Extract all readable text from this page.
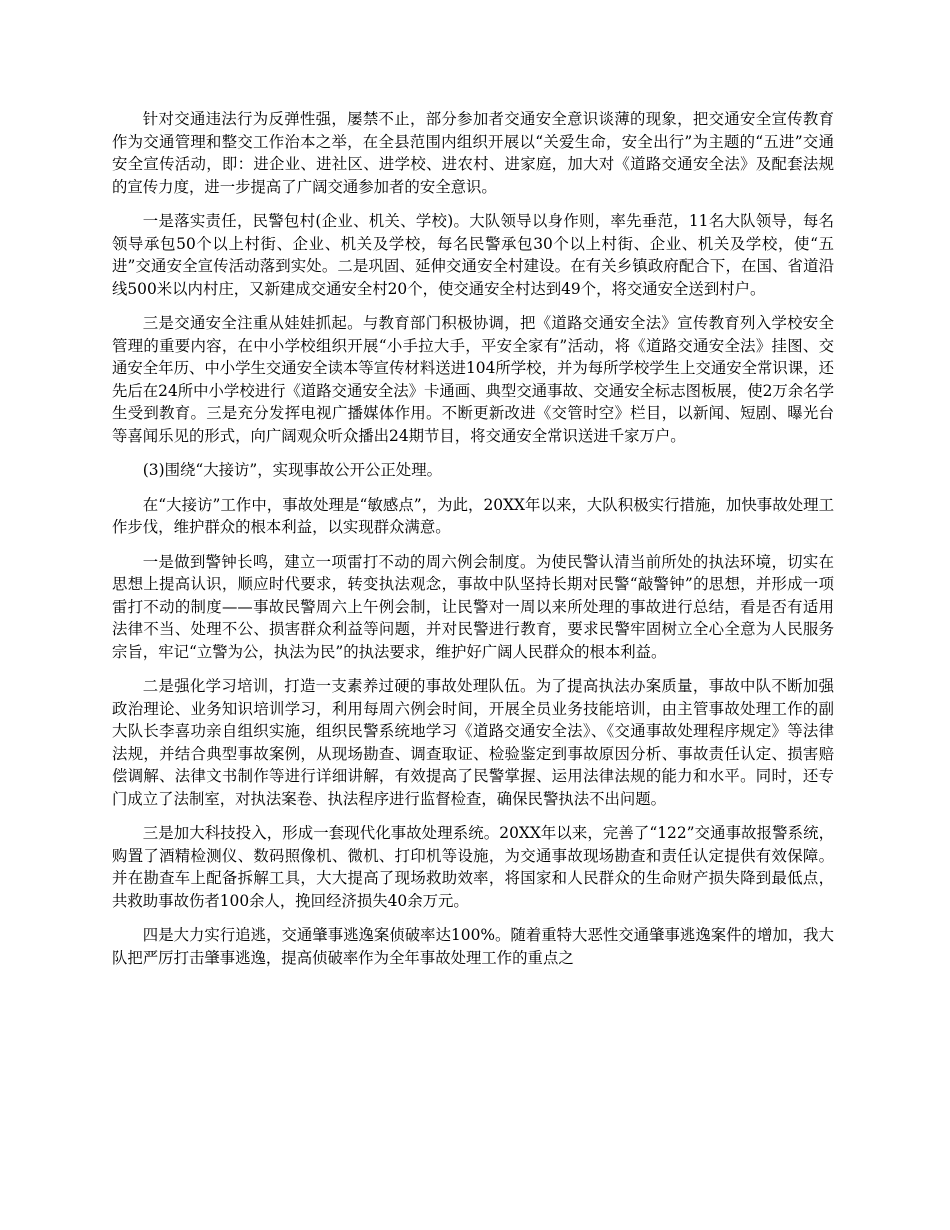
针对交通违法行为反弹性强，屡禁不止，部分参加者交通安全意识谈薄的现象，把交通安全宣传教育作为交通管理和整交工作治本之举，在全县范围内组织开展以“关爱生命，安全出行”为主题的“五进”交通安全宣传活动，即：进企业、进社区、进学校、进农村、进家庭，加大对《道路交通安全法》及配套法规的宣传力度，进一步提高了广阔交通参加者的安全意识。

一是落实责任，民警包村(企业、机关、学校)。大队领导以身作则，率先垂范，11名大队领导，每名领导承包50个以上村街、企业、机关及学校，每名民警承包30个以上村街、企业、机关及学校，使“五进”交通安全宣传活动落到实处。二是巩固、延伸交通安全村建设。在有关乡镇政府配合下，在国、省道沿线500米以内村庄，又新建成交通安全村20个，使交通安全村达到49个，将交通安全送到村户。

三是交通安全注重从娃娃抓起。与教育部门积极协调，把《道路交通安全法》宣传教育列入学校安全管理的重要内容，在中小学校组织开展“小手拉大手，平安全家有”活动，将《道路交通安全法》挂图、交通安全年历、中小学生交通安全读本等宣传材料送进104所学校，并为每所学校学生上交通安全常识课，还先后在24所中小学校进行《道路交通安全法》卡通画、典型交通事故、交通安全标志图板展，使2万余名学生受到教育。三是充分发挥电视广播媒体作用。不断更新改进《交管时空》栏目，以新闻、短剧、曝光台等喜闻乐见的形式，向广阔观众听众播出24期节目，将交通安全常识送进千家万户。

(3)围绕“大接访”，实现事故公开公正处理。

在“大接访”工作中，事故处理是“敏感点”，为此，20XX年以来，大队积极实行措施，加快事故处理工作步伐，维护群众的根本利益，以实现群众满意。

一是做到警钟长鸣，建立一项雷打不动的周六例会制度。为使民警认清当前所处的执法环境，切实在思想上提高认识，顺应时代要求，转变执法观念，事故中队坚持长期对民警“敲警钟”的思想，并形成一项雷打不动的制度——事故民警周六上午例会制，让民警对一周以来所处理的事故进行总结，看是否有适用法律不当、处理不公、损害群众利益等问题，并对民警进行教育，要求民警牢固树立全心全意为人民服务宗旨，牢记“立警为公，执法为民”的执法要求，维护好广阔人民群众的根本利益。

二是强化学习培训，打造一支素养过硬的事故处理队伍。为了提高执法办案质量，事故中队不断加强政治理论、业务知识培训学习，利用每周六例会时间，开展全员业务技能培训，由主管事故处理工作的副大队长李喜功亲自组织实施，组织民警系统地学习《道路交通安全法》、《交通事故处理程序规定》等法律法规，并结合典型事故案例，从现场勘查、调查取证、检验鉴定到事故原因分析、事故责任认定、损害赔偿调解、法律文书制作等进行详细讲解，有效提高了民警掌握、运用法律法规的能力和水平。同时，还专门成立了法制室，对执法案卷、执法程序进行监督检查，确保民警执法不出问题。

三是加大科技投入，形成一套现代化事故处理系统。20XX年以来，完善了“122”交通事故报警系统，购置了酒精检测仪、数码照像机、微机、打印机等设施，为交通事故现场勘查和责任认定提供有效保障。并在勘查车上配备拆解工具，大大提高了现场救助效率，将国家和人民群众的生命财产损失降到最低点，共救助事故伤者100余人，挽回经济损失40余万元。

四是大力实行追逃，交通肇事逃逸案侦破率达100%。随着重特大恶性交通肇事逃逸案件的增加，我大队把严厉打击肇事逃逸，提高侦破率作为全年事故处理工作的重点之
